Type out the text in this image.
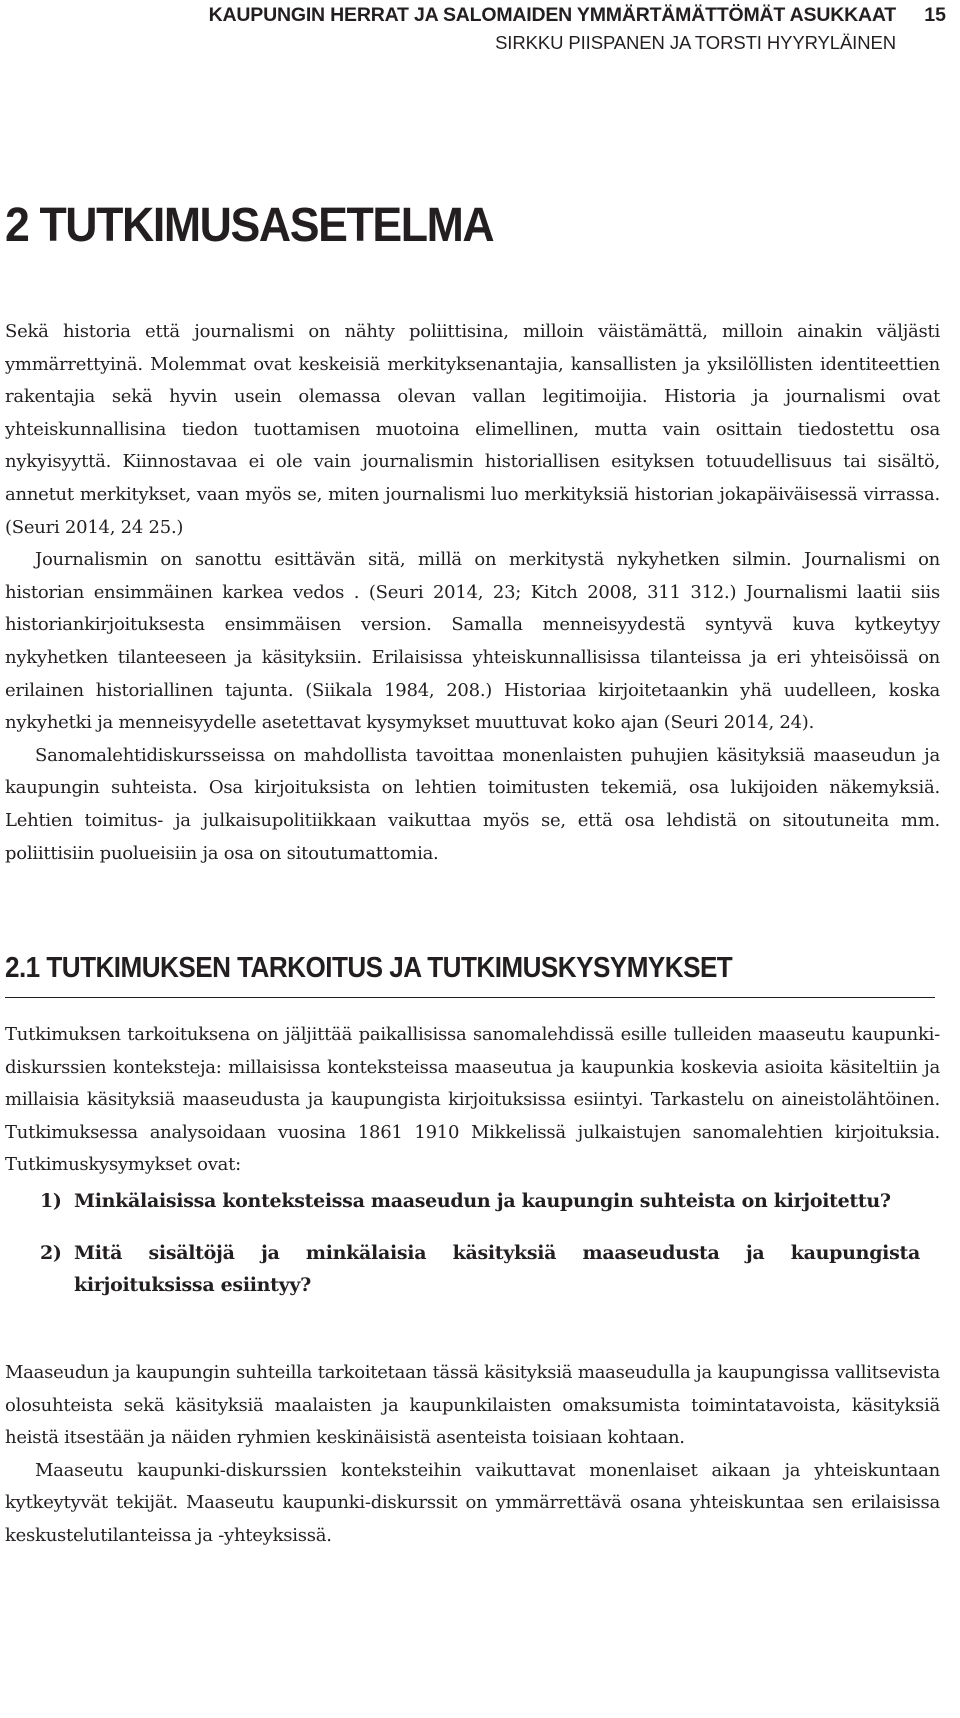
KAUPUNGIN HERRAT JA SALOMAIDEN YMMÄRTÄMÄTTÖMÄT ASUKKAAT
SIRKKU PIISPANEN JA TORSTI HYYRYLÄINEN
15
2 TUTKIMUSASETELMA

Sekä historia että journalismi on nähty poliittisina, milloin väistämättä, milloin ainakin väljästi ymmärrettyinä. Molemmat ovat keskeisiä merkityksenantajia, kansallisten ja yksilöllisten identiteettien rakentajia sekä hyvin usein olemassa olevan vallan legitimoijia. Historia ja journalismi ovat yhteiskunnallisina tiedon tuottamisen muotoina elimellinen, mutta vain osittain tiedostettu osa nykyisyyttä. Kiinnostavaa ei ole vain journalismin historiallisen esityksen totuudellisuus tai sisältö, annetut merkitykset, vaan myös se, miten journalismi luo merkityksiä historian jokapäiväisessä virrassa. (Seuri 2014, 24 25.)

Journalismin on sanottu esittävän sitä, millä on merkitystä nykyhetken silmin. Journalismi on historian ensimmäinen karkea vedos . (Seuri 2014, 23; Kitch 2008, 311 312.) Journalismi laatii siis historiankirjoituksesta ensimmäisen version. Samalla menneisyydestä syntyvä kuva kytkeytyy nykyhetken tilanteeseen ja käsityksiin. Erilaisissa yhteiskunnallisissa tilanteissa ja eri yhteisöissä on erilainen historiallinen tajunta. (Siikala 1984, 208.) Historiaa kirjoitetaankin yhä uudelleen, koska nykyhetki ja menneisyydelle asetettavat kysymykset muuttuvat koko ajan (Seuri 2014, 24).

Sanomalehtidiskursseissa on mahdollista tavoittaa monenlaisten puhujien käsityksiä maaseudun ja kaupungin suhteista. Osa kirjoituksista on lehtien toimitusten tekemiä, osa lukijoiden näkemyksiä. Lehtien toimitus- ja julkaisupolitiikkaan vaikuttaa myös se, että osa lehdistä on sitoutuneita mm. poliittisiin puolueisiin ja osa on sitoutumattomia.

2.1 TUTKIMUKSEN TARKOITUS JA TUTKIMUSKYSYMYKSET

Tutkimuksen tarkoituksena on jäljittää paikallisissa sanomalehdissä esille tulleiden maaseutu kaupunki-diskurssien konteksteja: millaisissa konteksteissa maaseutua ja kaupunkia koskevia asioita käsiteltiin ja millaisia käsityksiä maaseudusta ja kaupungista kirjoituksissa esiintyi. Tarkastelu on aineistolähtöinen. Tutkimuksessa analysoidaan vuosina 1861 1910 Mikkelissä julkaistujen sanomalehtien kirjoituksia. Tutkimuskysymykset ovat:

1) Minkälaisissa konteksteissa maaseudun ja kaupungin suhteista on kirjoitettu?
2) Mitä sisältöjä ja minkälaisia käsityksiä maaseudusta ja kaupungista kirjoituksissa esiintyy?

Maaseudun ja kaupungin suhteilla tarkoitetaan tässä käsityksiä maaseudulla ja kaupungissa vallitsevista olosuhteista sekä käsityksiä maalaisten ja kaupunkilaisten omaksumista toimintatavoista, käsityksiä heistä itsestään ja näiden ryhmien keskinäisistä asenteista toisiaan kohtaan.

Maaseutu kaupunki-diskurssien konteksteihin vaikuttavat monenlaiset aikaan ja yhteiskuntaan kytkeytyvät tekijät. Maaseutu kaupunki-diskurssit on ymmärrettävä osana yhteiskuntaa sen erilaisissa keskustelutilanteissa ja -yhteyksissä.
